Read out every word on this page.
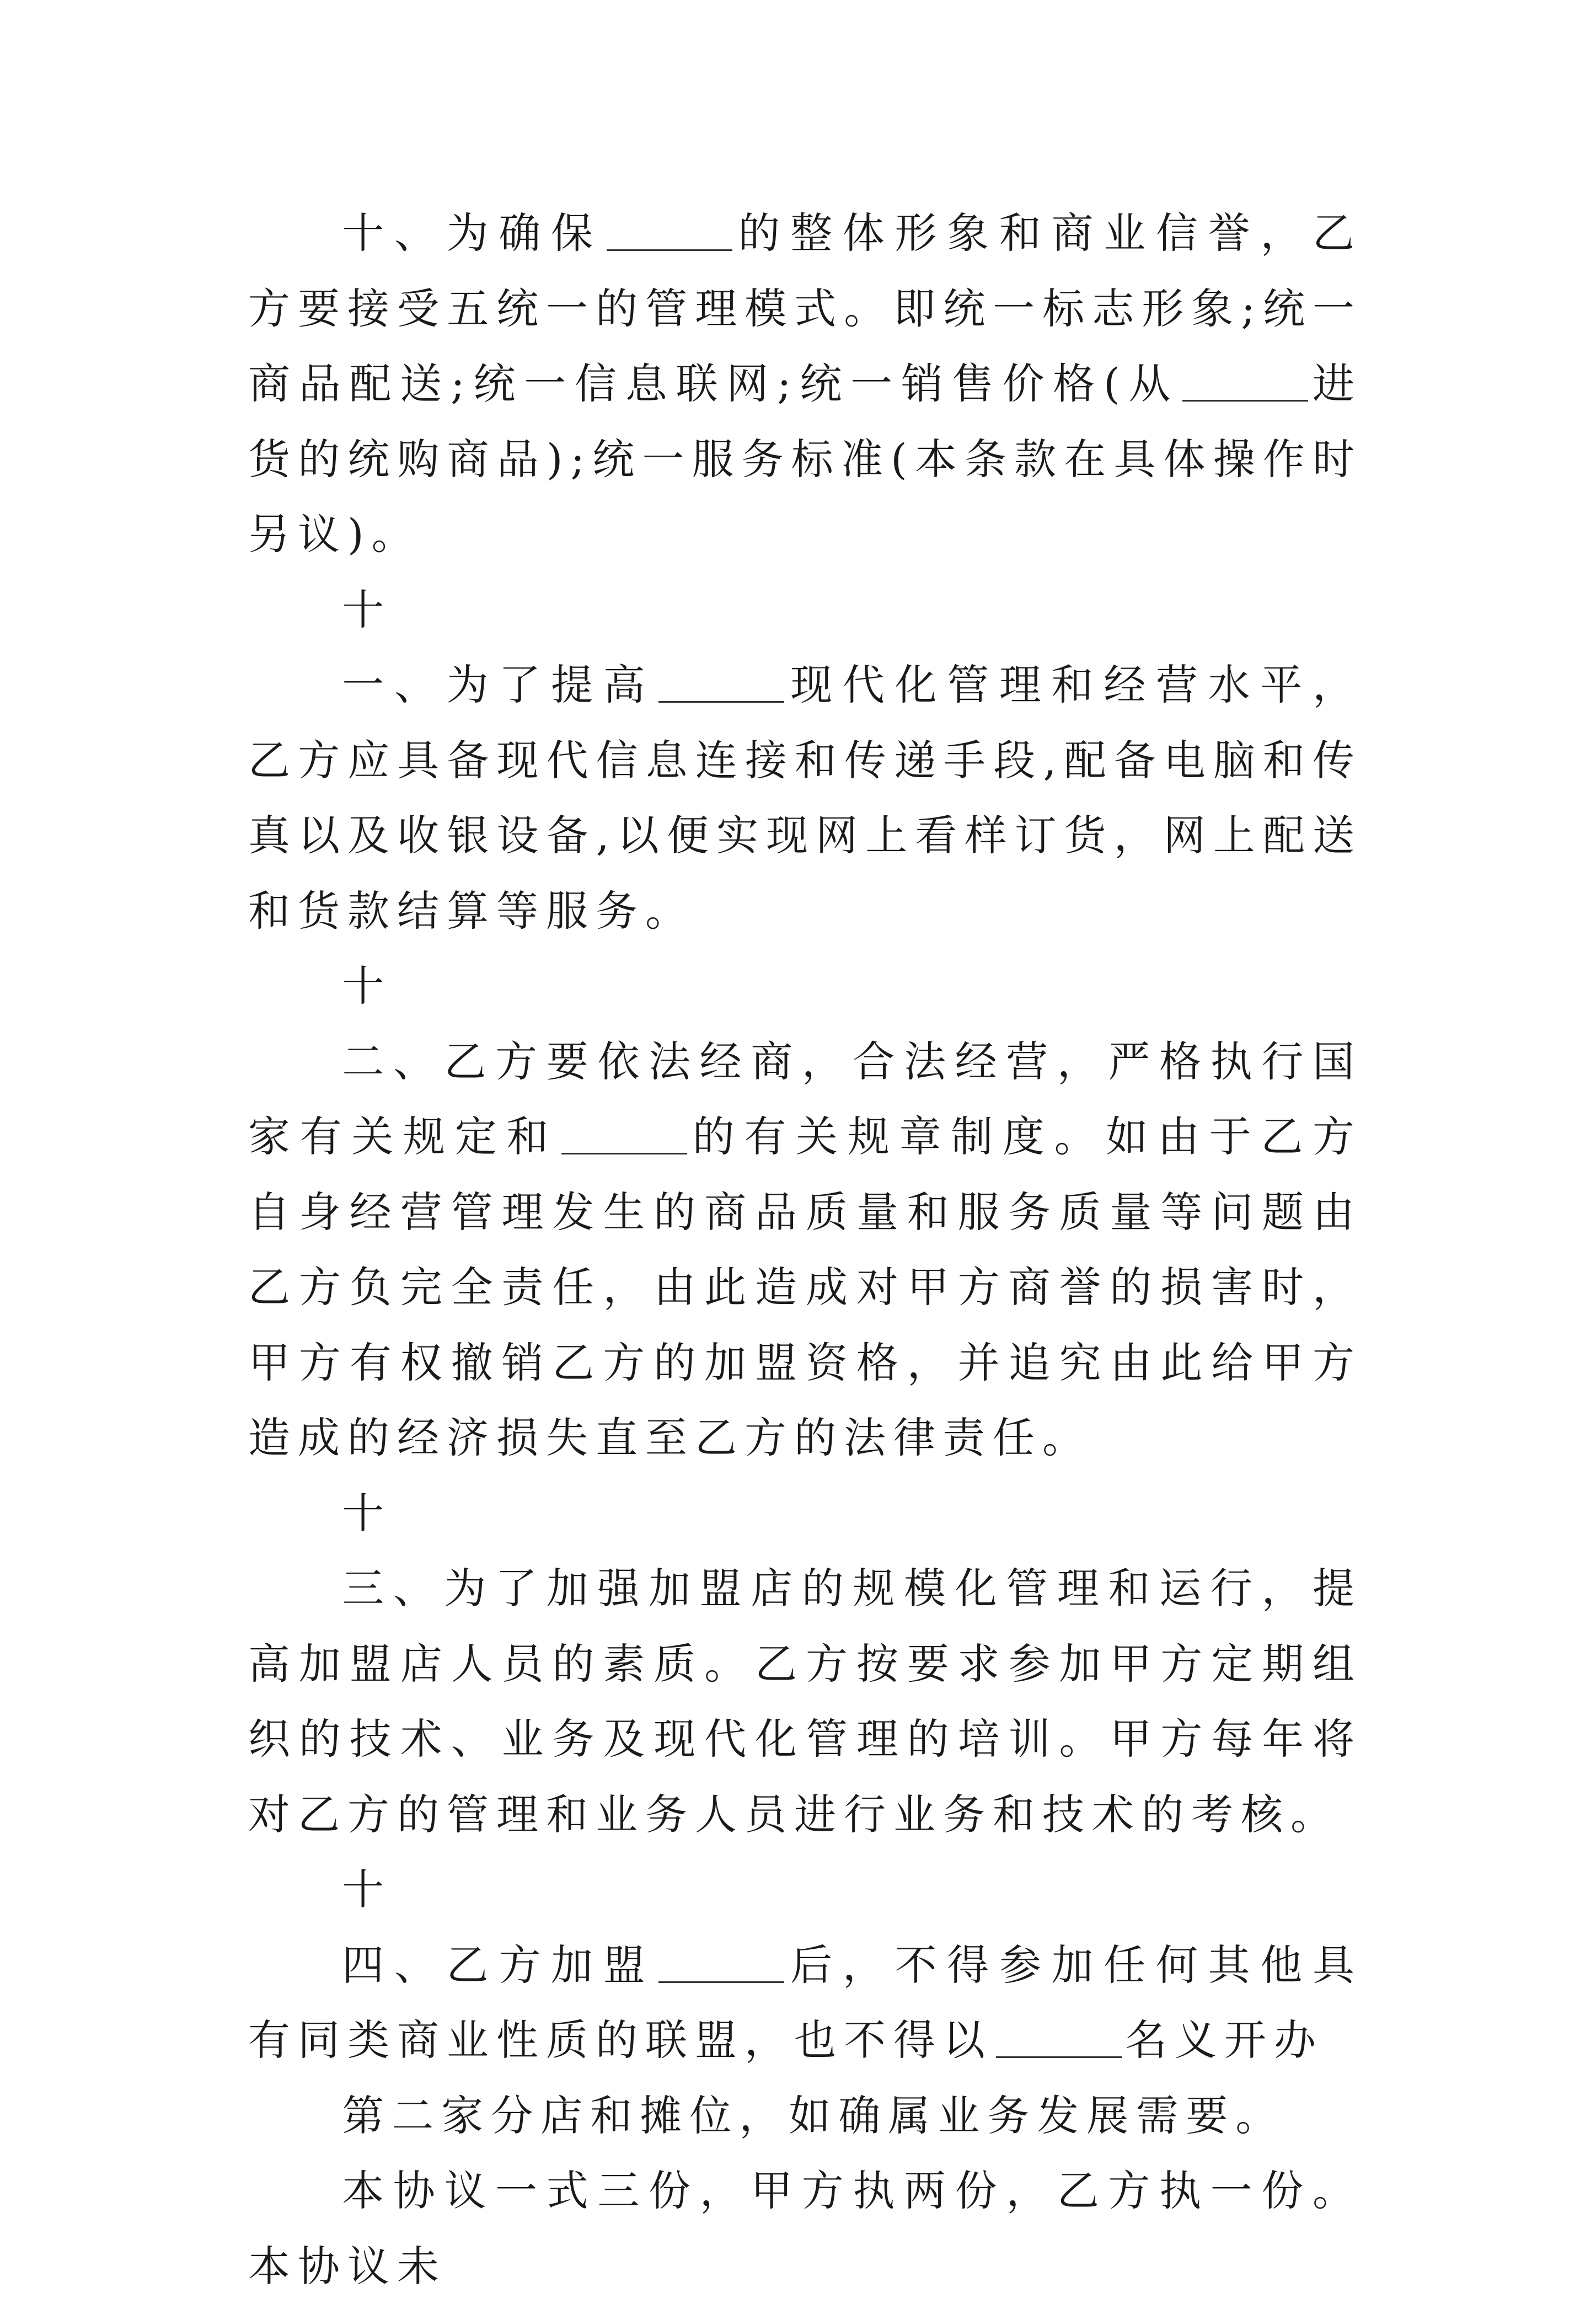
十、为确保	的整体形象和商业信誉，乙方要接受五统一的管理模式。即统一标志形象;统一商品配送;统一信息联网;统一销售价格(从	进货的统购商品);统一服务标准(本条款在具体操作时另议)。

十

一、为了提高	现代化管理和经营水平，乙方应具备现代信息连接和传递手段,配备电脑和传真以及收银设备,以便实现网上看样订货，网上配送和货款结算等服务。

十

二、乙方要依法经商，合法经营，严格执行国家有关规定和	的有关规章制度。如由于乙方自身经营管理发生的商品质量和服务质量等问题由乙方负完全责任，由此造成对甲方商誉的损害时，甲方有权撤销乙方的加盟资格，并追究由此给甲方造成的经济损失直至乙方的法律责任。

十

三、为了加强加盟店的规模化管理和运行，提高加盟店人员的素质。乙方按要求参加甲方定期组织的技术、业务及现代化管理的培训。甲方每年将对乙方的管理和业务人员进行业务和技术的考核。

十

四、乙方加盟	后，不得参加任何其他具有同类商业性质的联盟，也不得以	名义开办

第二家分店和摊位，如确属业务发展需要。

本协议一式三份，甲方执两份，乙方执一份。本协议未
